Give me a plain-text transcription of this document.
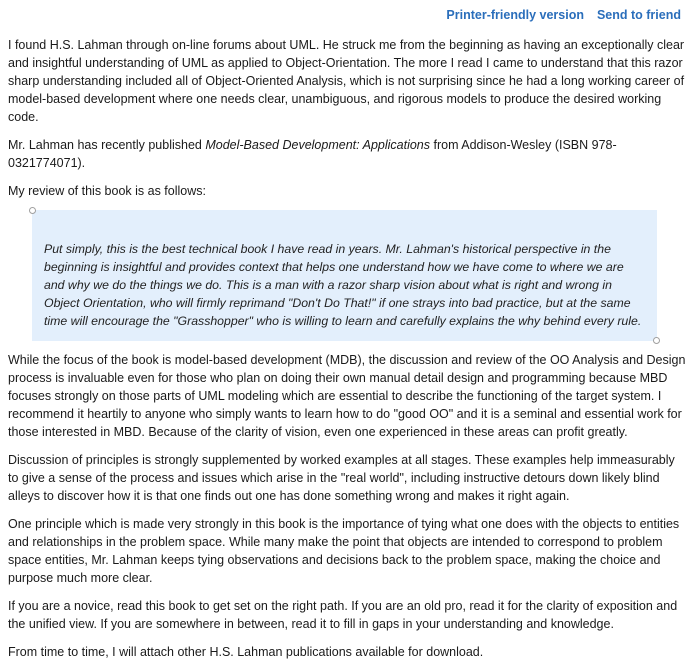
Printer-friendly version Send to friend

I found H.S. Lahman through on-line forums about UML. He struck me from the beginning as having an exceptionally clear and insightful understanding of UML as applied to Object-Orientation. The more I read I came to understand that this razor sharp understanding included all of Object-Oriented Analysis, which is not surprising since he had a long working career of model-based development where one needs clear, unambiguous, and rigorous models to produce the desired working code.

Mr. Lahman has recently published Model-Based Development: Applications from Addison-Wesley (ISBN 978-0321774071).

My review of this book is as follows:

Put simply, this is the best technical book I have read in years. Mr. Lahman's historical perspective in the beginning is insightful and provides context that helps one understand how we have come to where we are and why we do the things we do. This is a man with a razor sharp vision about what is right and wrong in Object Orientation, who will firmly reprimand "Don't Do That!" if one strays into bad practice, but at the same time will encourage the "Grasshopper" who is willing to learn and carefully explains the why behind every rule.

While the focus of the book is model-based development (MDB), the discussion and review of the OO Analysis and Design process is invaluable even for those who plan on doing their own manual detail design and programming because MBD focuses strongly on those parts of UML modeling which are essential to describe the functioning of the target system. I recommend it heartily to anyone who simply wants to learn how to do "good OO" and it is a seminal and essential work for those interested in MBD. Because of the clarity of vision, even one experienced in these areas can profit greatly.

Discussion of principles is strongly supplemented by worked examples at all stages. These examples help immeasurably to give a sense of the process and issues which arise in the "real world", including instructive detours down likely blind alleys to discover how it is that one finds out one has done something wrong and makes it right again.

One principle which is made very strongly in this book is the importance of tying what one does with the objects to entities and relationships in the problem space. While many make the point that objects are intended to correspond to problem space entities, Mr. Lahman keeps tying observations and decisions back to the problem space, making the choice and purpose much more clear.

If you are a novice, read this book to get set on the right path. If you are an old pro, read it for the clarity of exposition and the unified view. If you are somewhere in between, read it to fill in gaps in your understanding and knowledge.

From time to time, I will attach other H.S. Lahman publications available for download.
